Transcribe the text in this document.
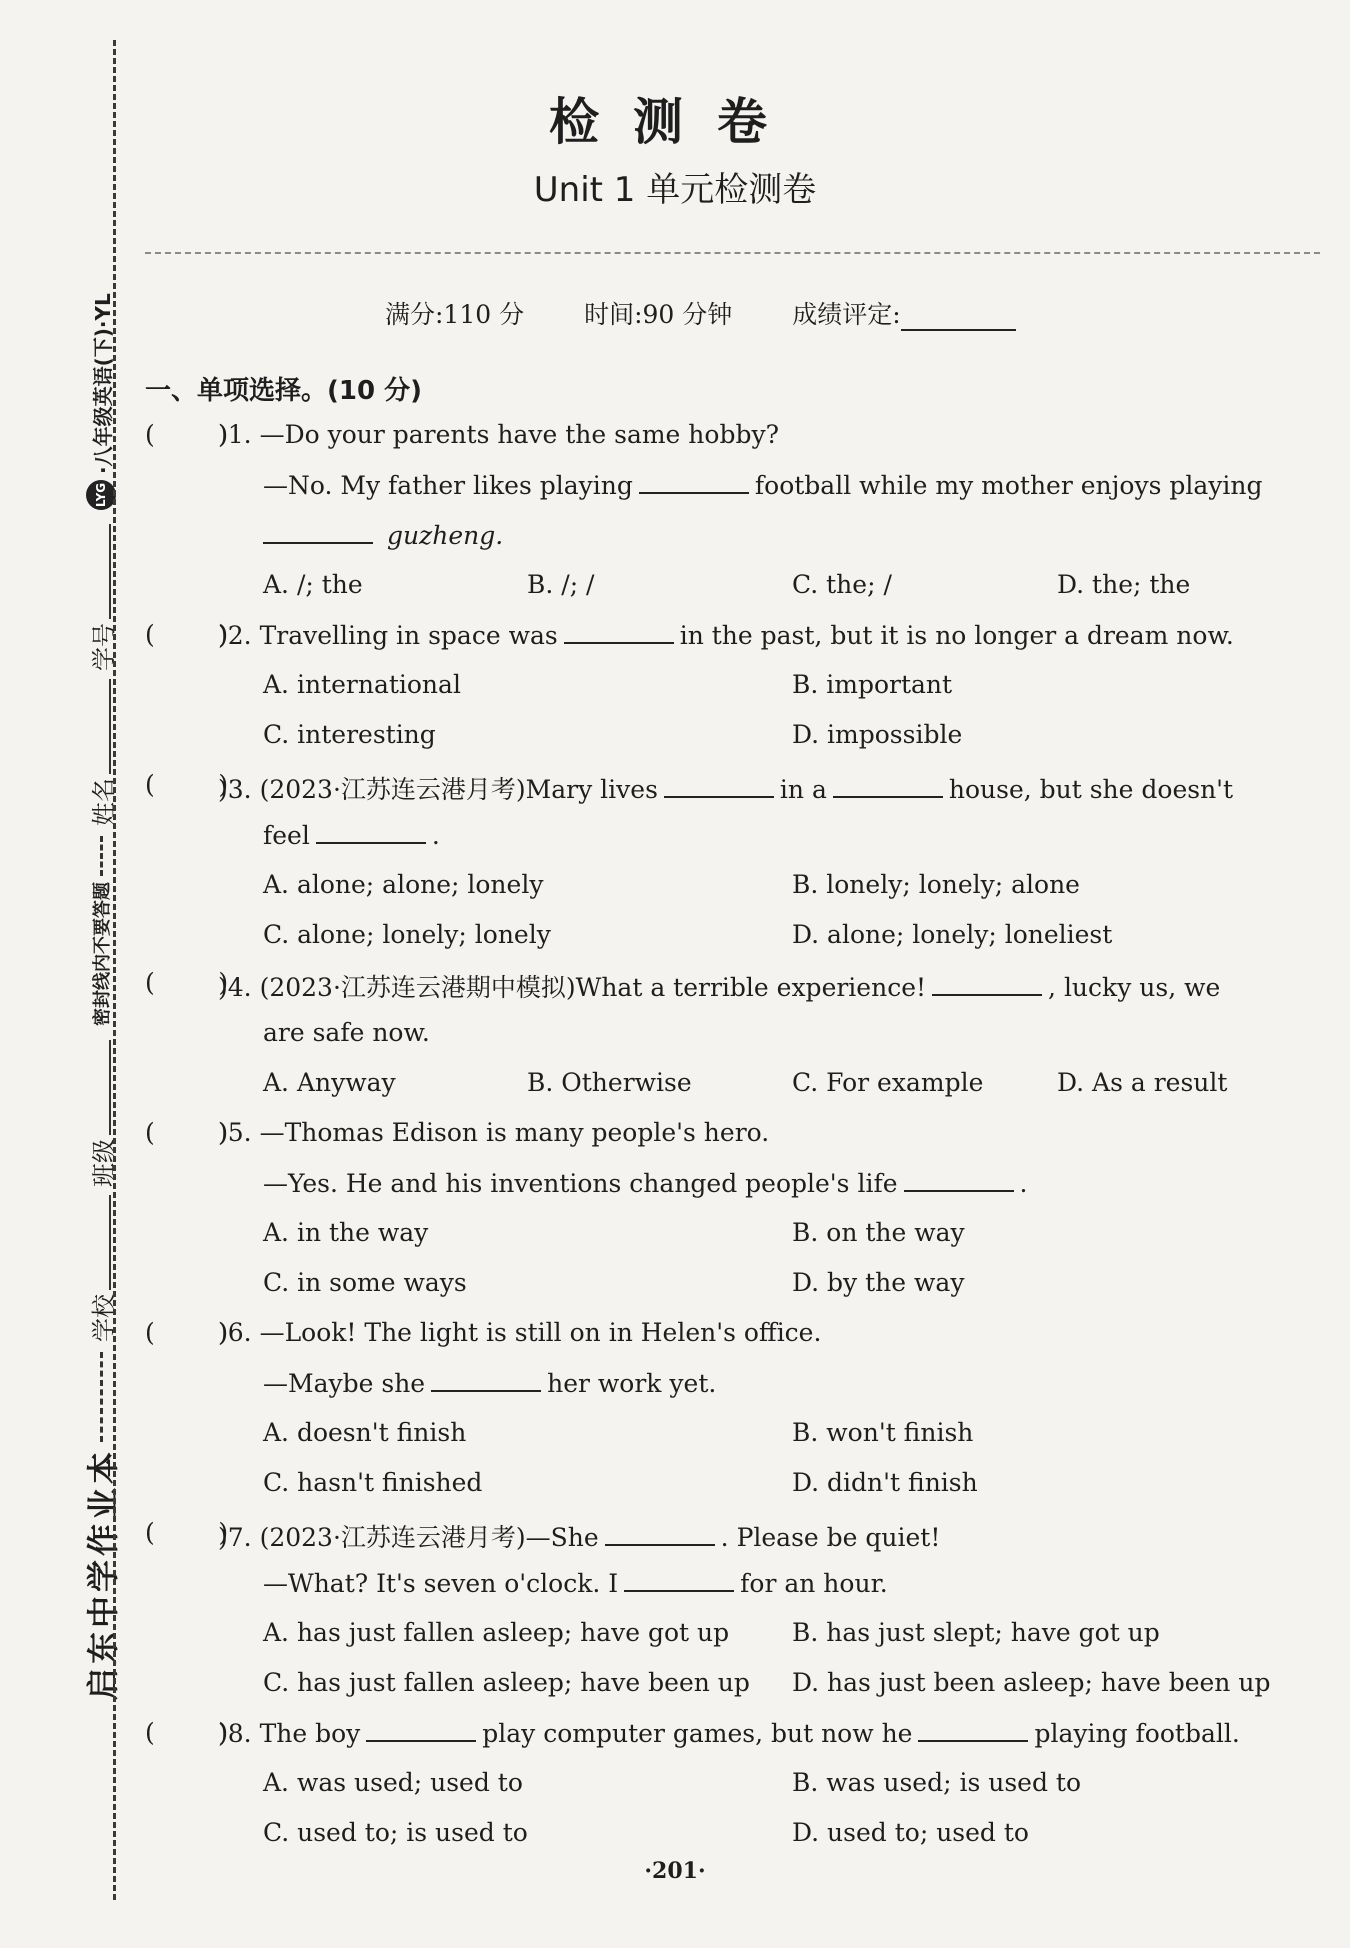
启东中学作业本
学校
班级
密封线内不要答题
姓名
学号
LYG
·八年级英语(下)·YL
检测卷
Unit 1 单元检测卷
满分:110 分 时间:90 分钟 成绩评定:
一、单项选择。(10 分)
(        )
)1. —Do your parents have the same hobby?
—No. My father likes playing	football while my mother enjoys playing
guzheng.
A. /; the	B. /; /	C. the; /	D. the; the
(        )
)2. Travelling in space was	in the past, but it is no longer a dream now.
A. international	B. important
C. interesting	D. impossible
(        )
)3. (2023·江苏连云港月考)Mary lives	in a	house, but she doesn't
feel	.
A. alone; alone; lonely	B. lonely; lonely; alone
C. alone; lonely; lonely	D. alone; lonely; loneliest
(        )
)4. (2023·江苏连云港期中模拟)What a terrible experience!	, lucky us, we
are safe now.
A. Anyway	B. Otherwise	C. For example	D. As a result
(        )
)5. —Thomas Edison is many people's hero.
—Yes. He and his inventions changed people's life	.
A. in the way	B. on the way
C. in some ways	D. by the way
(        )
)6. —Look! The light is still on in Helen's office.
—Maybe she	her work yet.
A. doesn't finish	B. won't finish
C. hasn't finished	D. didn't finish
(        )
)7. (2023·江苏连云港月考)—She	. Please be quiet!
—What? It's seven o'clock. I	for an hour.
A. has just fallen asleep; have got up	B. has just slept; have got up
C. has just fallen asleep; have been up D. has just been asleep; have been up
(        )
)8. The boy	play computer games, but now he	playing football.
A. was used; used to	B. was used; is used to
C. used to; is used to	D. used to; used to
·201·
